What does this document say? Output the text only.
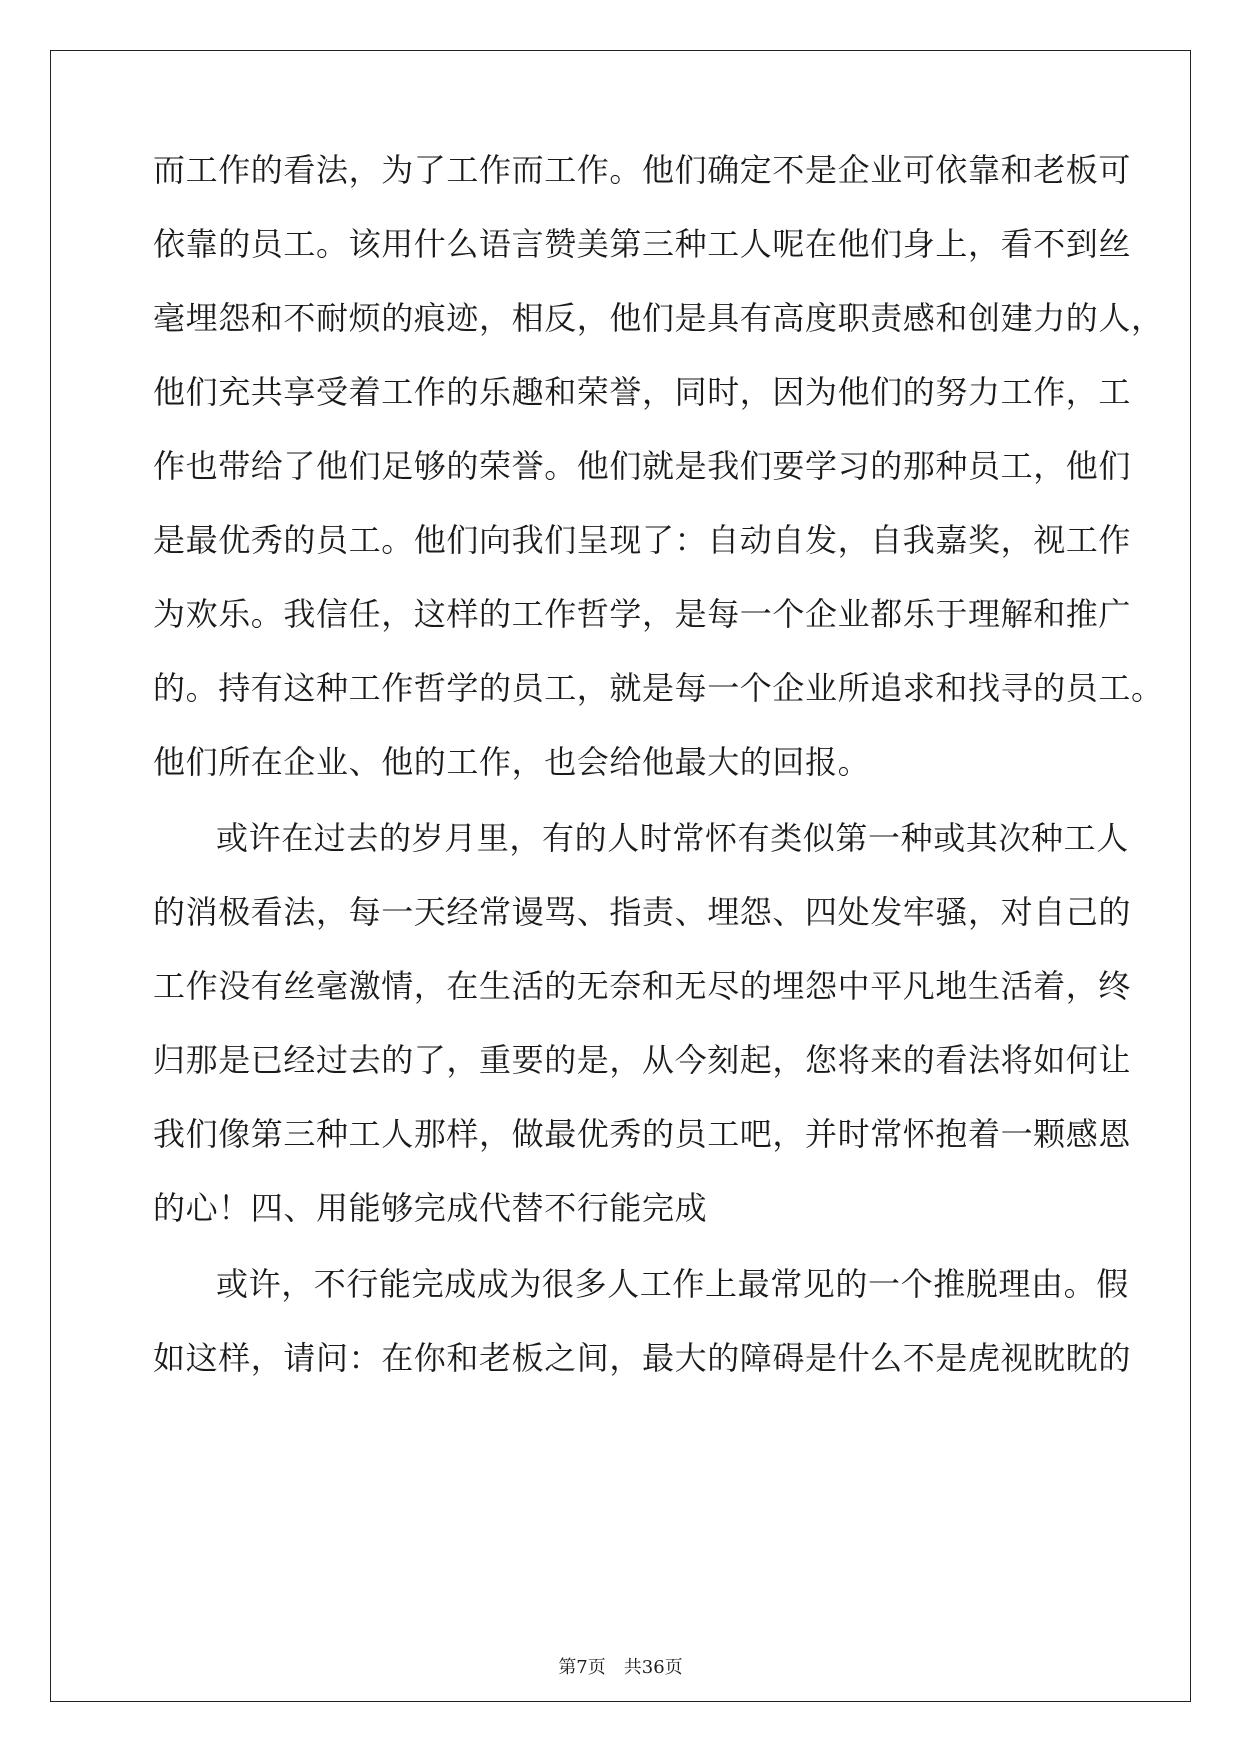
而工作的看法，为了工作而工作。他们确定不是企业可依靠和老板可
依靠的员工。该用什么语言赞美第三种工人呢在他们身上，看不到丝
毫埋怨和不耐烦的痕迹，相反，他们是具有高度职责感和创建力的人，
他们充共享受着工作的乐趣和荣誉，同时，因为他们的努力工作，工
作也带给了他们足够的荣誉。他们就是我们要学习的那种员工，他们
是最优秀的员工。他们向我们呈现了：自动自发，自我嘉奖，视工作
为欢乐。我信任，这样的工作哲学，是每一个企业都乐于理解和推广
的。持有这种工作哲学的员工，就是每一个企业所追求和找寻的员工。
他们所在企业、他的工作，也会给他最大的回报。
或许在过去的岁月里，有的人时常怀有类似第一种或其次种工人
的消极看法，每一天经常谩骂、指责、埋怨、四处发牢骚，对自己的
工作没有丝毫激情，在生活的无奈和无尽的埋怨中平凡地生活着，终
归那是已经过去的了，重要的是，从今刻起，您将来的看法将如何让
我们像第三种工人那样，做最优秀的员工吧，并时常怀抱着一颗感恩
的心！四、用能够完成代替不行能完成
或许，不行能完成成为很多人工作上最常见的一个推脱理由。假
如这样，请问：在你和老板之间，最大的障碍是什么不是虎视眈眈的
第7页 共36页
